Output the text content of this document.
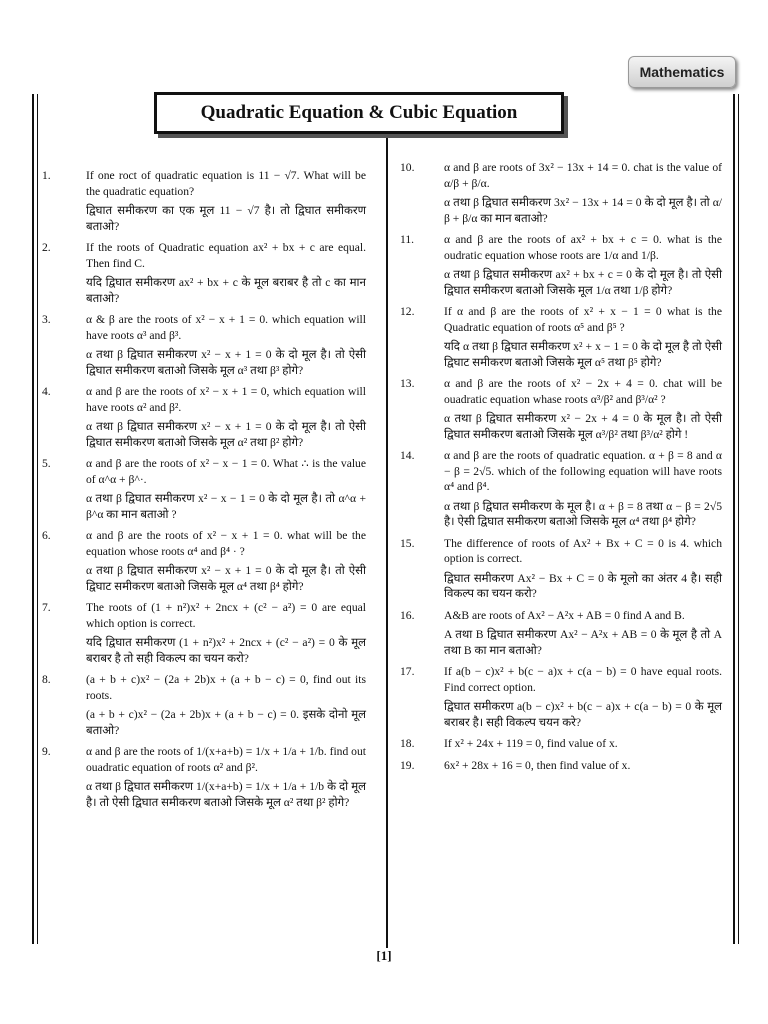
Mathematics
Quadratic Equation & Cubic Equation
1.	If one roct of quadratic equation is 11 − √7. What will be the quadratic equation?

द्विघात समीकरण का एक मूल 11 − √7 है। तो द्विघात समीकरण बताओ?

2.	If the roots of Quadratic equation ax² + bx + c are equal. Then find C.

यदि द्विघात समीकरण ax² + bx + c के मूल बराबर है तो c का मान बताओ?

3.	α & β are the roots of x² − x + 1 = 0. which equation will have roots α³ and β³.

α तथा β द्विघात समीकरण x² − x + 1 = 0 के दो मूल है। तो ऐसी द्विघात समीकरण बताओ जिसके मूल α³ तथा β³ होगे?

4.	α and β are the roots of x² − x + 1 = 0, which equation will have roots α² and β².

α तथा β द्विघात समीकरण x² − x + 1 = 0 के दो मूल है। तो ऐसी द्विघात समीकरण बताओ जिसके मूल α² तथा β² होगे?

5.	α and β are the roots of x² − x − 1 = 0. What ∴ is the value of α^α + β^·.

α तथा β द्विघात समीकरण x² − x − 1 = 0 के दो मूल है। तो α^α + β^α का मान बताओ ?

6.	α and β are the roots of x² − x + 1 = 0. what will be the equation whose roots α⁴ and β⁴ · ?

α तथा β द्विघात समीकरण x² − x + 1 = 0 के दो मूल है। तो ऐसी द्विघाट समीकरण बताओ जिसके मूल α⁴ तथा β⁴ होगे?

7.	The roots of (1 + n²)x² + 2ncx + (c² − a²) = 0 are equal which option is correct.

यदि द्विघात समीकरण (1 + n²)x² + 2ncx + (c² − a²) = 0 के मूल बराबर है तो सही विकल्प का चयन करो?

8.	(a + b + c)x² − (2a + 2b)x + (a + b − c) = 0, find out its roots.

(a + b + c)x² − (2a + 2b)x + (a + b − c) = 0. इसके दोनो मूल बताओ?

9.	α and β are the roots of 1/(x+a+b) = 1/x + 1/a + 1/b. find out ouadratic equation of roots α² and β².

α तथा β द्विघात समीकरण 1/(x+a+b) = 1/x + 1/a + 1/b के दो मूल है। तो ऐसी द्विघात समीकरण बताओ जिसके मूल α² तथा β² होगे?

10.	α and β are roots of 3x² − 13x + 14 = 0. chat is the value of α/β + β/α.

α तथा β द्विघात समीकरण 3x² − 13x + 14 = 0 के दो मूल है। तो α/β + β/α का मान बताओ?

11.	α and β are the roots of ax² + bx + c = 0. what is the oudratic equation whose roots are 1/α and 1/β.

α तथा β द्विघात समीकरण ax² + bx + c = 0 के दो मूल है। तो ऐसी द्विघात समीकरण बताओ जिसके मूल 1/α तथा 1/β होगे?

12.	If α and β are the roots of x² + x − 1 = 0 what is the Quadratic equation of roots α⁵ and β⁵ ?

यदि α तथा β द्विघात समीकरण x² + x − 1 = 0 के दो मूल है तो ऐसी द्विघाट समीकरण बताओ जिसके मूल α⁵ तथा β⁵ होगे?

13.	α and β are the roots of x² − 2x + 4 = 0. chat will be ouadratic equation whase roots α³/β² and β³/α² ?

α तथा β द्विघात समीकरण x² − 2x + 4 = 0 के मूल है। तो ऐसी द्विघात समीकरण बताओ जिसके मूल α³/β² तथा β³/α² होगे !

14.	α and β are the roots of quadratic equation. α + β = 8 and α − β = 2√5. which of the following equation will have roots α⁴ and β⁴.

α तथा β द्विघात समीकरण के मूल है। α + β = 8 तथा α − β = 2√5 है। ऐसी द्विघात समीकरण बताओ जिसके मूल α⁴ तथा β⁴ होगे?

15.	The difference of roots of Ax² + Bx + C = 0 is 4. which option is correct.

द्विघात समीकरण Ax² − Bx + C = 0 के मूलो का अंतर 4 है। सही विकल्प का चयन करो?

16.	A&B are roots of Ax² − A²x + AB = 0 find A and B.

A तथा B द्विघात समीकरण Ax² − A²x + AB = 0 के मूल है तो A तथा B का मान बताओ?

17.	If a(b − c)x² + b(c − a)x + c(a − b) = 0 have equal roots. Find correct option.

द्विघात समीकरण a(b − c)x² + b(c − a)x + c(a − b) = 0 के मूल बराबर है। सही विकल्प चयन करे?

18.	If x² + 24x + 119 = 0, find value of x.

19.	6x² + 28x + 16 = 0, then find value of x.

[1]
